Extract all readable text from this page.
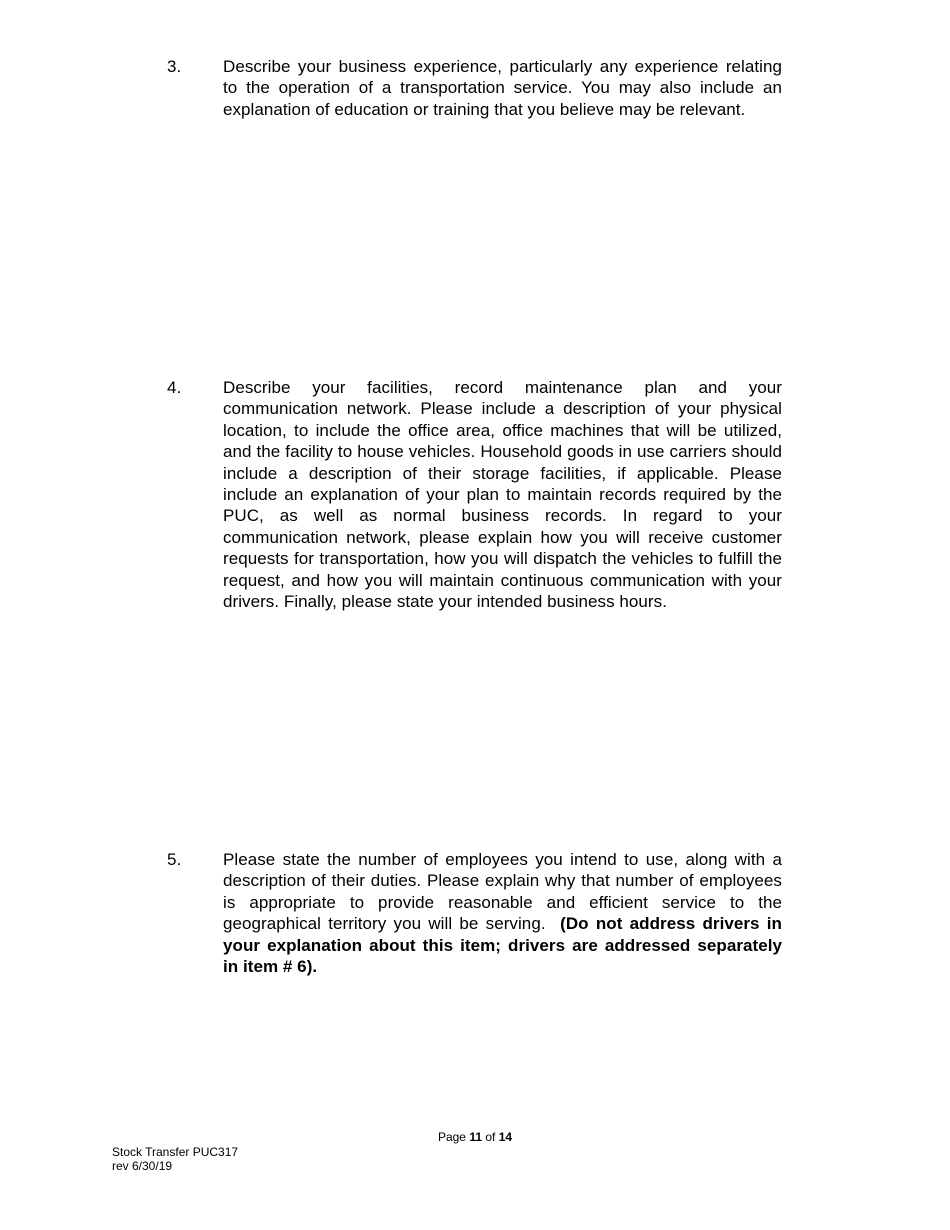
3. Describe your business experience, particularly any experience relating to the operation of a transportation service. You may also include an explanation of education or training that you believe may be relevant.
4. Describe your facilities, record maintenance plan and your communication network. Please include a description of your physical location, to include the office area, office machines that will be utilized, and the facility to house vehicles. Household goods in use carriers should include a description of their storage facilities, if applicable. Please include an explanation of your plan to maintain records required by the PUC, as well as normal business records. In regard to your communication network, please explain how you will receive customer requests for transportation, how you will dispatch the vehicles to fulfill the request, and how you will maintain continuous communication with your drivers. Finally, please state your intended business hours.
5. Please state the number of employees you intend to use, along with a description of their duties. Please explain why that number of employees is appropriate to provide reasonable and efficient service to the geographical territory you will be serving. (Do not address drivers in your explanation about this item; drivers are addressed separately in item # 6).
Page 11 of 14
Stock Transfer PUC317
rev 6/30/19
